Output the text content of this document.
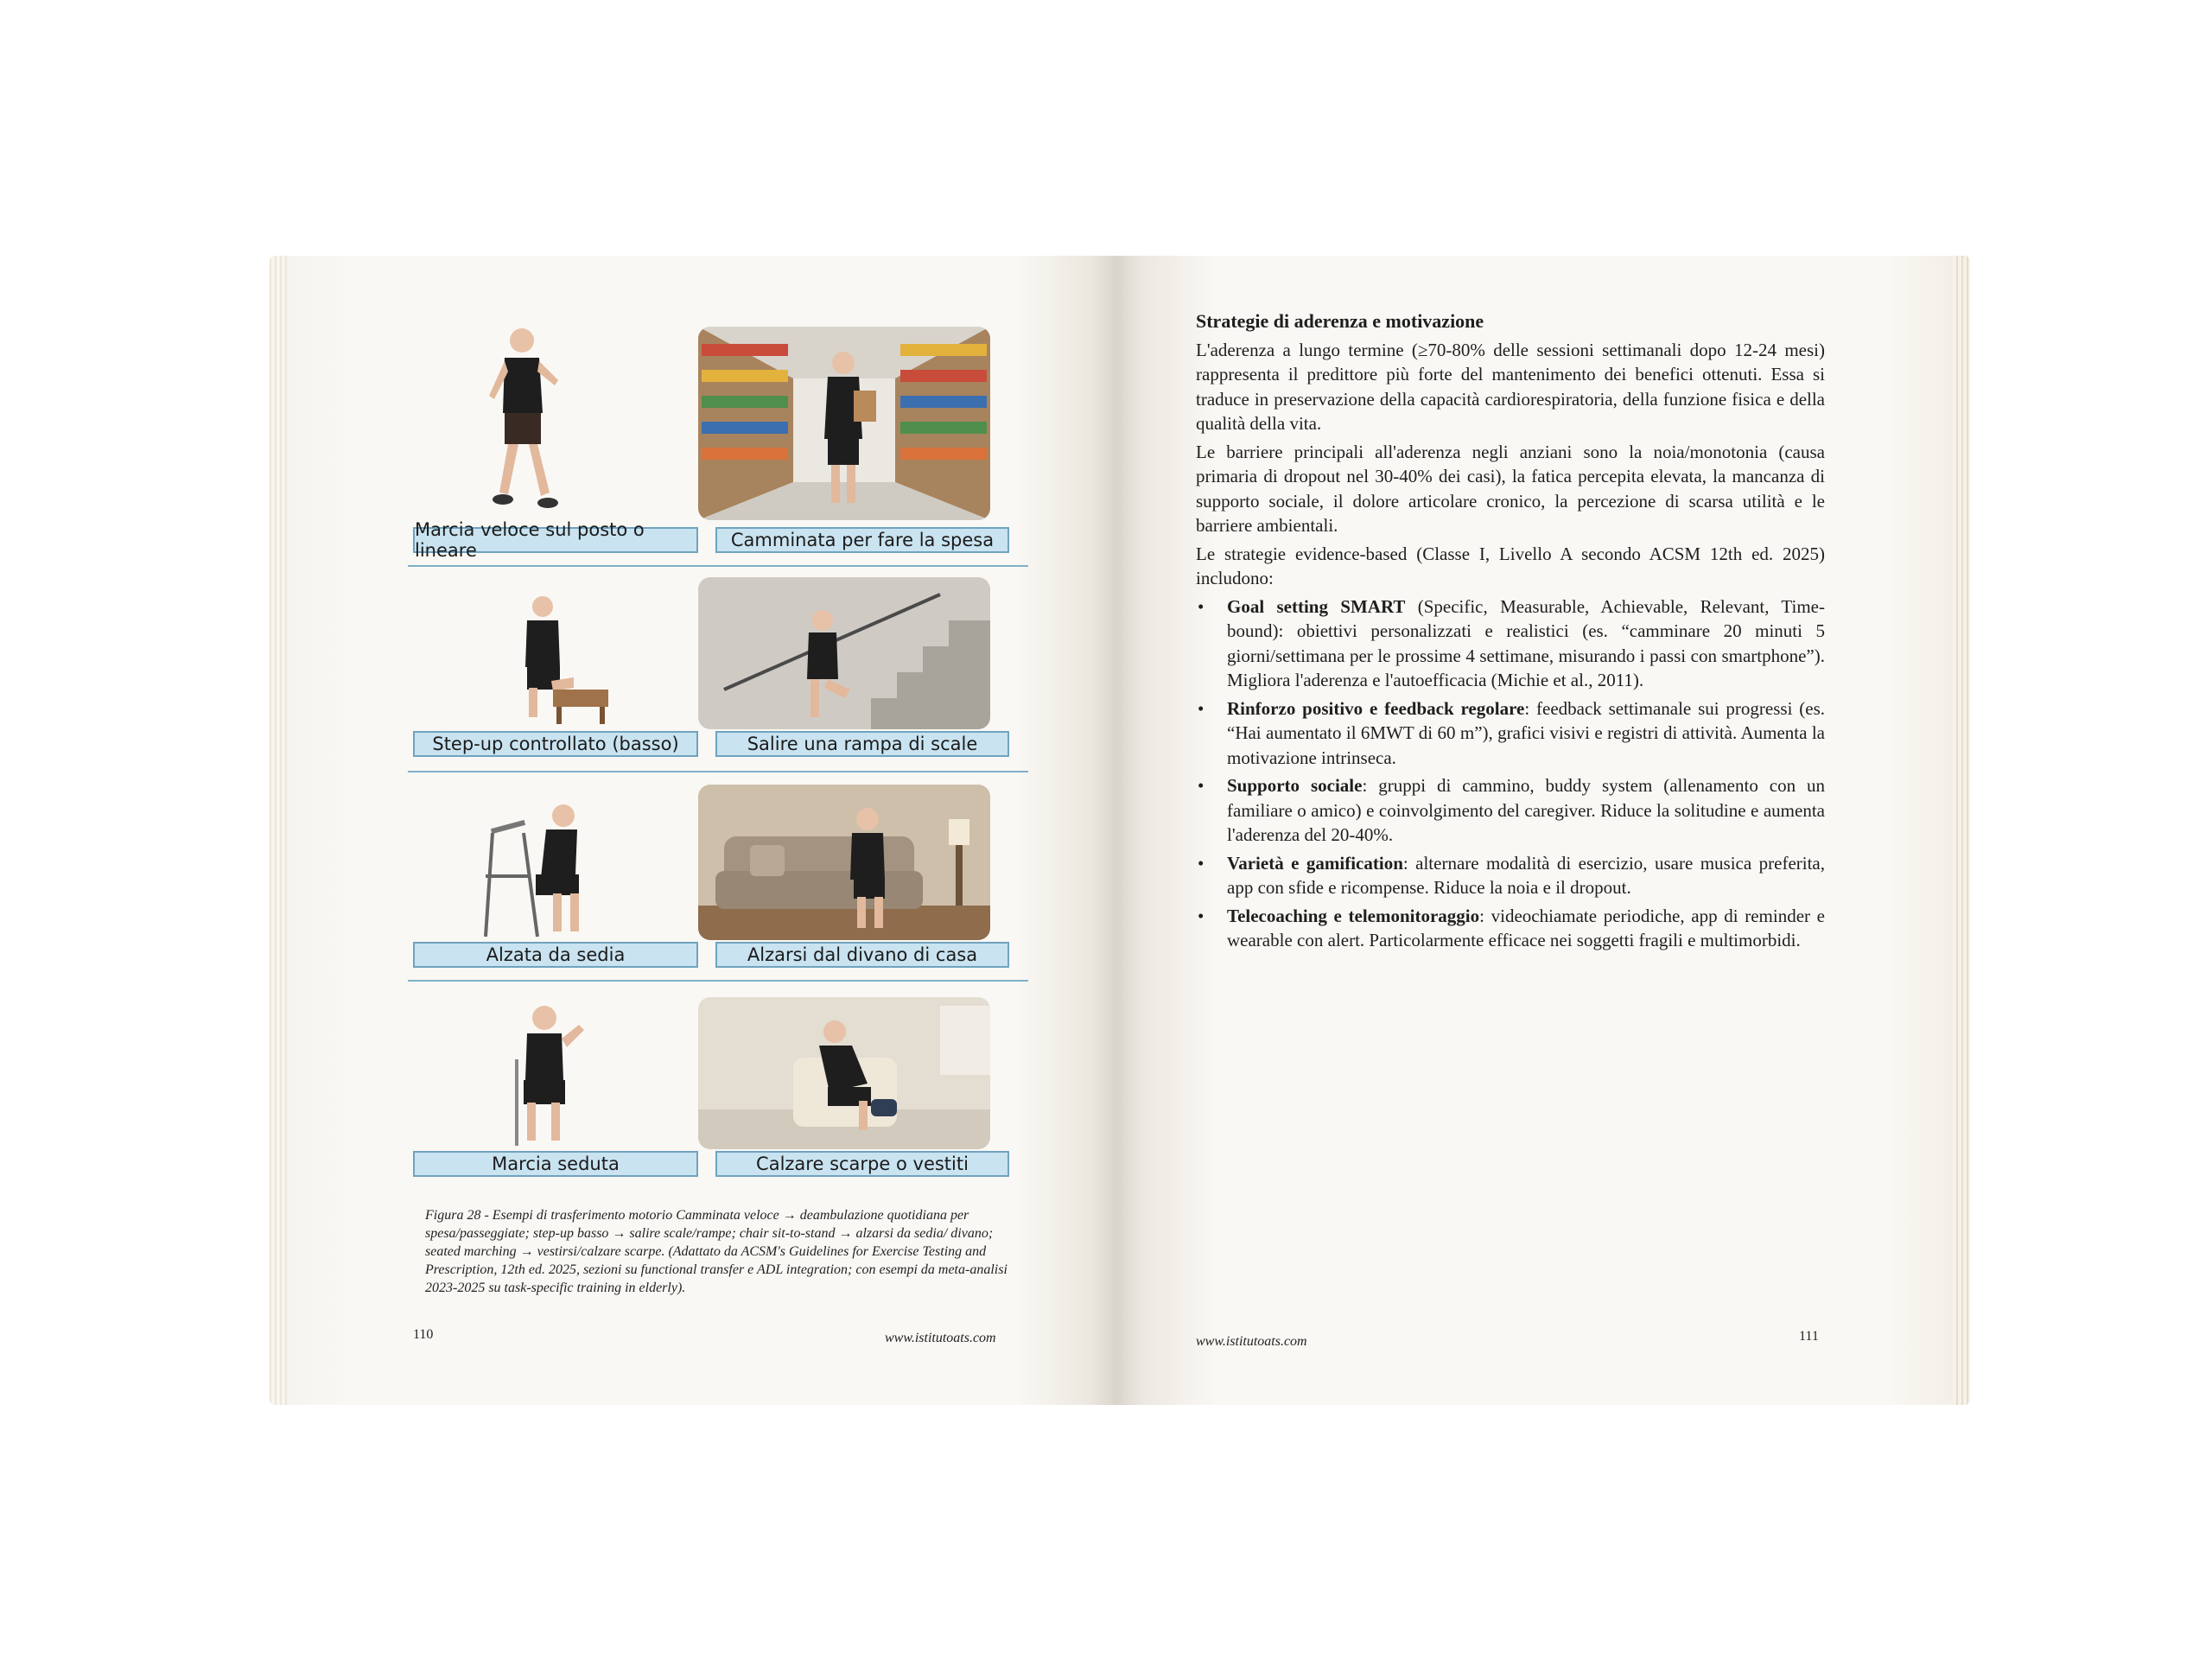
Marcia veloce sul posto o lineare	Camminata per fare la spesa
Step-up controllato (basso)	Salire una rampa di scale
Alzata da sedia	Alzarsi dal divano di casa
Marcia seduta	Calzare scarpe o vestiti
Figura 28 - Esempi di trasferimento motorio Camminata veloce → deambulazione quotidiana per spesa/passeggiate; step-up basso → salire scale/rampe; chair sit-to-stand → alzarsi da sedia/ divano; seated marching → vestirsi/calzare scarpe. (Adattato da ACSM's Guidelines for Exercise Testing and Prescription, 12th ed. 2025, sezioni su functional transfer e ADL integration; con esempi da meta-analisi 2023-2025 su task-specific training in elderly).
110	www.istitutoats.com
Strategie di aderenza e motivazione

L'aderenza a lungo termine (≥70-80% delle sessioni settimanali dopo 12-24 mesi) rappresenta il predittore più forte del mantenimento dei benefici ottenuti. Essa si traduce in preservazione della capacità cardiorespiratoria, della funzione fisica e della qualità della vita.

Le barriere principali all'aderenza negli anziani sono la noia/monotonia (causa primaria di dropout nel 30-40% dei casi), la fatica percepita elevata, la mancanza di supporto sociale, il dolore articolare cronico, la percezione di scarsa utilità e le barriere ambientali.

Le strategie evidence-based (Classe I, Livello A secondo ACSM 12th ed. 2025) includono:

• Goal setting SMART (Specific, Measurable, Achievable, Relevant, Time-bound): obiettivi personalizzati e realistici (es. “camminare 20 minuti 5 giorni/settimana per le prossime 4 settimane, misurando i passi con smartphone”). Migliora l'aderenza e l'autoefficacia (Michie et al., 2011).
• Rinforzo positivo e feedback regolare: feedback settimanale sui progressi (es. “Hai aumentato il 6MWT di 60 m”), grafici visivi e registri di attività. Aumenta la motivazione intrinseca.
• Supporto sociale: gruppi di cammino, buddy system (allenamento con un familiare o amico) e coinvolgimento del caregiver. Riduce la solitudine e aumenta l'aderenza del 20-40%.
• Varietà e gamification: alternare modalità di esercizio, usare musica preferita, app con sfide e ricompense. Riduce la noia e il dropout.
• Telecoaching e telemonitoraggio: videochiamate periodiche, app di reminder e wearable con alert. Particolarmente efficace nei soggetti fragili e multimorbidi.
www.istitutoats.com	111
